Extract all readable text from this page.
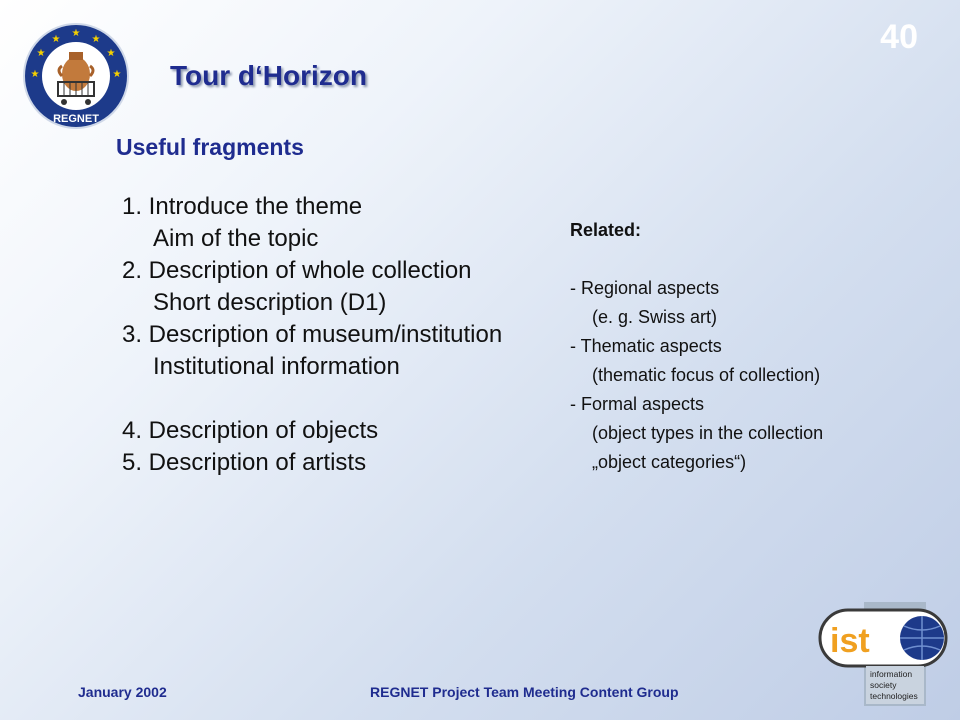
★
★
★
★
★
★
★
REGNET
40
Tour d‘Horizon
Useful fragments
1. Introduce the theme
Aim of the topic
2. Description of whole collection
Short description (D1)
3. Description of museum/institution
Institutional information
4. Description of objects
5. Description of artists
Related:
- Regional aspects
(e. g. Swiss art)
- Thematic aspects
(thematic focus of collection)
- Formal aspects
(object types in the collection
„object categories“)
ist
information
society
technologies
January 2002	REGNET Project Team Meeting Content Group
